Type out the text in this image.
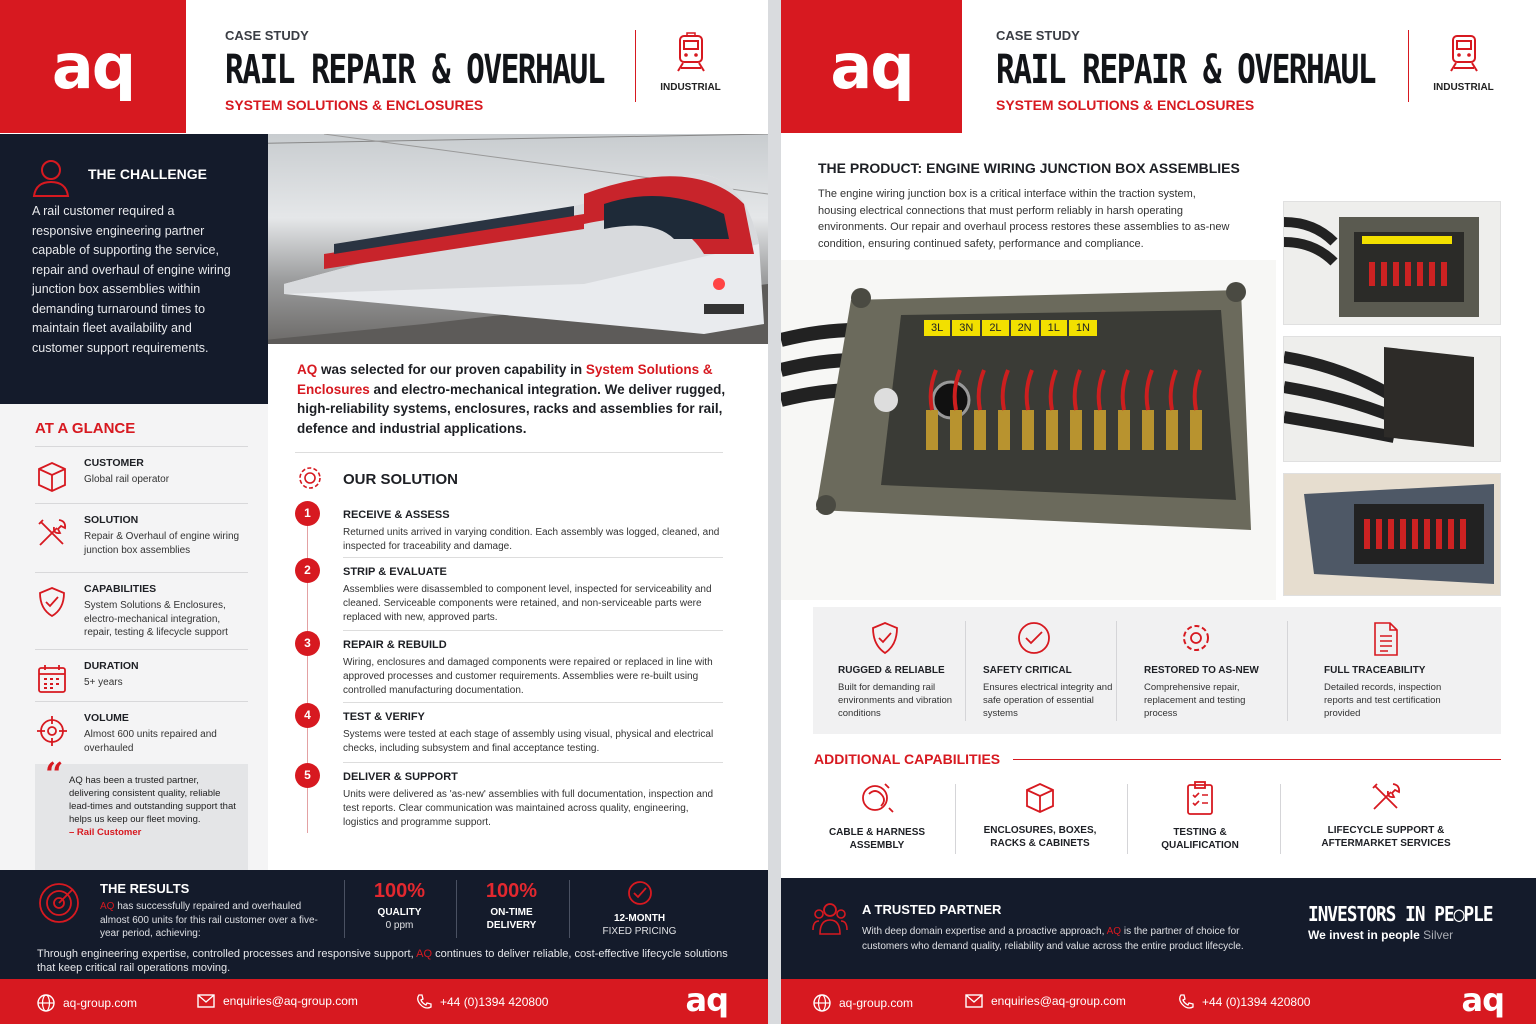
aq	CASE STUDY
RAIL REPAIR & OVERHAUL
SYSTEM SOLUTIONS & ENCLOSURES
INDUSTRIAL
THE CHALLENGE

A rail customer required a responsive engineering partner capable of supporting the service, repair and overhaul of engine wiring junction box assemblies within demanding turnaround times to maintain fleet availability and customer support requirements.

AT A GLANCE
CUSTOMER
Global rail operator
SOLUTION
Repair & Overhaul of engine wiring junction box assemblies
CAPABILITIES
System Solutions & Enclosures, electro-mechanical integration, repair, testing & lifecycle support
DURATION
5+ years
VOLUME
Almost 600 units repaired and overhauled
“ AQ has been a trusted partner, delivering consistent quality, reliable lead-times and outstanding support that helps us keep our fleet moving.
– Rail Customer
AQ was selected for our proven capability in System Solutions & Enclosures and electro-mechanical integration. We deliver rugged, high-reliability systems, enclosures, racks and assemblies for rail, defence and industrial applications.
OUR SOLUTION
1	RECEIVE & ASSESS
Returned units arrived in varying condition. Each assembly was logged, cleaned, and inspected for traceability and damage.
2	STRIP & EVALUATE
Assemblies were disassembled to component level, inspected for serviceability and cleaned. Serviceable components were retained, and non-serviceable parts were replaced with new, approved parts.
3	REPAIR & REBUILD
Wiring, enclosures and damaged components were repaired or replaced in line with approved processes and customer requirements. Assemblies were re-built using controlled manufacturing documentation.
4	TEST & VERIFY
Systems were tested at each stage of assembly using visual, physical and electrical checks, including subsystem and final acceptance testing.
5	DELIVER & SUPPORT
Units were delivered as 'as-new' assemblies with full documentation, inspection and test reports. Clear communication was maintained across quality, engineering, logistics and programme support.
THE RESULTS
AQ has successfully repaired and overhauled almost 600 units for this rail customer over a five-year period, achieving:
100%
QUALITY
0 ppm
100%
ON-TIME
DELIVERY
12-MONTH
FIXED PRICING
Through engineering expertise, controlled processes and responsive support, AQ continues to deliver reliable, cost-effective lifecycle solutions that keep critical rail operations moving.
aq-group.com	enquiries@aq-group.com	+44 (0)1394 420800	aq
aq	CASE STUDY
RAIL REPAIR & OVERHAUL
SYSTEM SOLUTIONS & ENCLOSURES
INDUSTRIAL
THE PRODUCT: ENGINE WIRING JUNCTION BOX ASSEMBLIES
The engine wiring junction box is a critical interface within the traction system, housing electrical connections that must perform reliably in harsh operating environments. Our repair and overhaul process restores these assemblies to as-new condition, ensuring continued safety, performance and compliance.
3L	3N	2L	2N	1L	1N
RUGGED & RELIABLE
Built for demanding rail environments and vibration conditions
SAFETY CRITICAL
Ensures electrical integrity and safe operation of essential systems
RESTORED TO AS-NEW
Comprehensive repair, replacement and testing process
FULL TRACEABILITY
Detailed records, inspection reports and test certification provided
ADDITIONAL CAPABILITIES
CABLE & HARNESS
ASSEMBLY
ENCLOSURES, BOXES,
RACKS & CABINETS
TESTING &
QUALIFICATION
LIFECYCLE SUPPORT &
AFTERMARKET SERVICES
A TRUSTED PARTNER

With deep domain expertise and a proactive approach, AQ is the partner of choice for customers who demand quality, reliability and value across the entire product lifecycle.

INVESTORS IN PE◯PLE
We invest in people Silver
aq-group.com	enquiries@aq-group.com	+44 (0)1394 420800	aq
